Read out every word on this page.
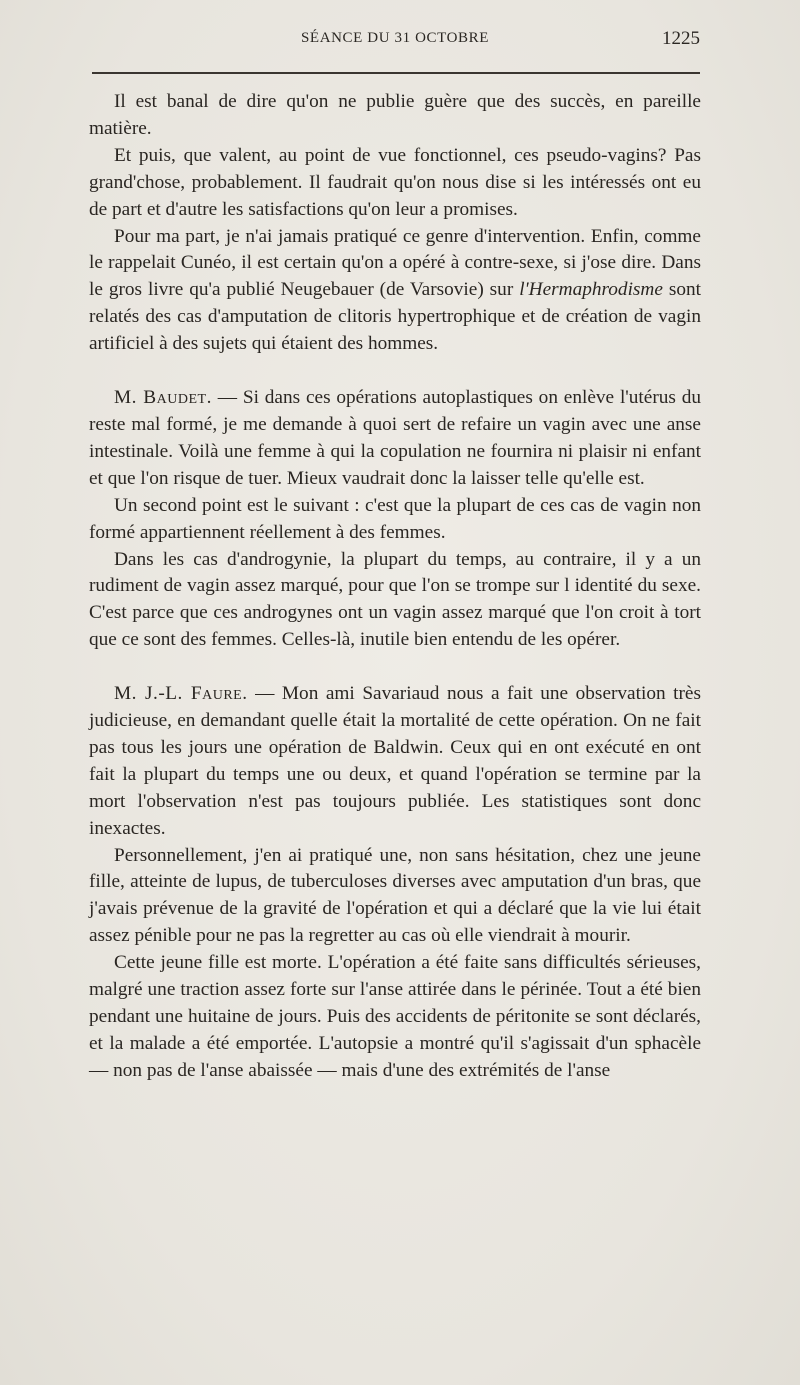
SÉANCE DU 31 OCTOBRE	1225

Il est banal de dire qu'on ne publie guère que des succès, en pareille matière.

Et puis, que valent, au point de vue fonctionnel, ces pseudo-vagins? Pas grand'chose, probablement. Il faudrait qu'on nous dise si les intéressés ont eu de part et d'autre les satisfactions qu'on leur a promises.

Pour ma part, je n'ai jamais pratiqué ce genre d'intervention. Enfin, comme le rappelait Cunéo, il est certain qu'on a opéré à contre-sexe, si j'ose dire. Dans le gros livre qu'a publié Neugebauer (de Varsovie) sur l'Hermaphrodisme sont relatés des cas d'amputation de clitoris hypertrophique et de création de vagin artificiel à des sujets qui étaient des hommes.

M. Baudet. — Si dans ces opérations autoplastiques on enlève l'utérus du reste mal formé, je me demande à quoi sert de refaire un vagin avec une anse intestinale. Voilà une femme à qui la copulation ne fournira ni plaisir ni enfant et que l'on risque de tuer. Mieux vaudrait donc la laisser telle qu'elle est.

Un second point est le suivant : c'est que la plupart de ces cas de vagin non formé appartiennent réellement à des femmes.

Dans les cas d'androgynie, la plupart du temps, au contraire, il y a un rudiment de vagin assez marqué, pour que l'on se trompe sur l identité du sexe. C'est parce que ces androgynes ont un vagin assez marqué que l'on croit à tort que ce sont des femmes. Celles-là, inutile bien entendu de les opérer.

M. J.-L. Faure. — Mon ami Savariaud nous a fait une observation très judicieuse, en demandant quelle était la mortalité de cette opération. On ne fait pas tous les jours une opération de Baldwin. Ceux qui en ont exécuté en ont fait la plupart du temps une ou deux, et quand l'opération se termine par la mort l'observation n'est pas toujours publiée. Les statistiques sont donc inexactes.

Personnellement, j'en ai pratiqué une, non sans hésitation, chez une jeune fille, atteinte de lupus, de tuberculoses diverses avec amputation d'un bras, que j'avais prévenue de la gravité de l'opération et qui a déclaré que la vie lui était assez pénible pour ne pas la regretter au cas où elle viendrait à mourir.

Cette jeune fille est morte. L'opération a été faite sans difficultés sérieuses, malgré une traction assez forte sur l'anse attirée dans le périnée. Tout a été bien pendant une huitaine de jours. Puis des accidents de péritonite se sont déclarés, et la malade a été emportée. L'autopsie a montré qu'il s'agissait d'un sphacèle — non pas de l'anse abaissée — mais d'une des extrémités de l'anse
